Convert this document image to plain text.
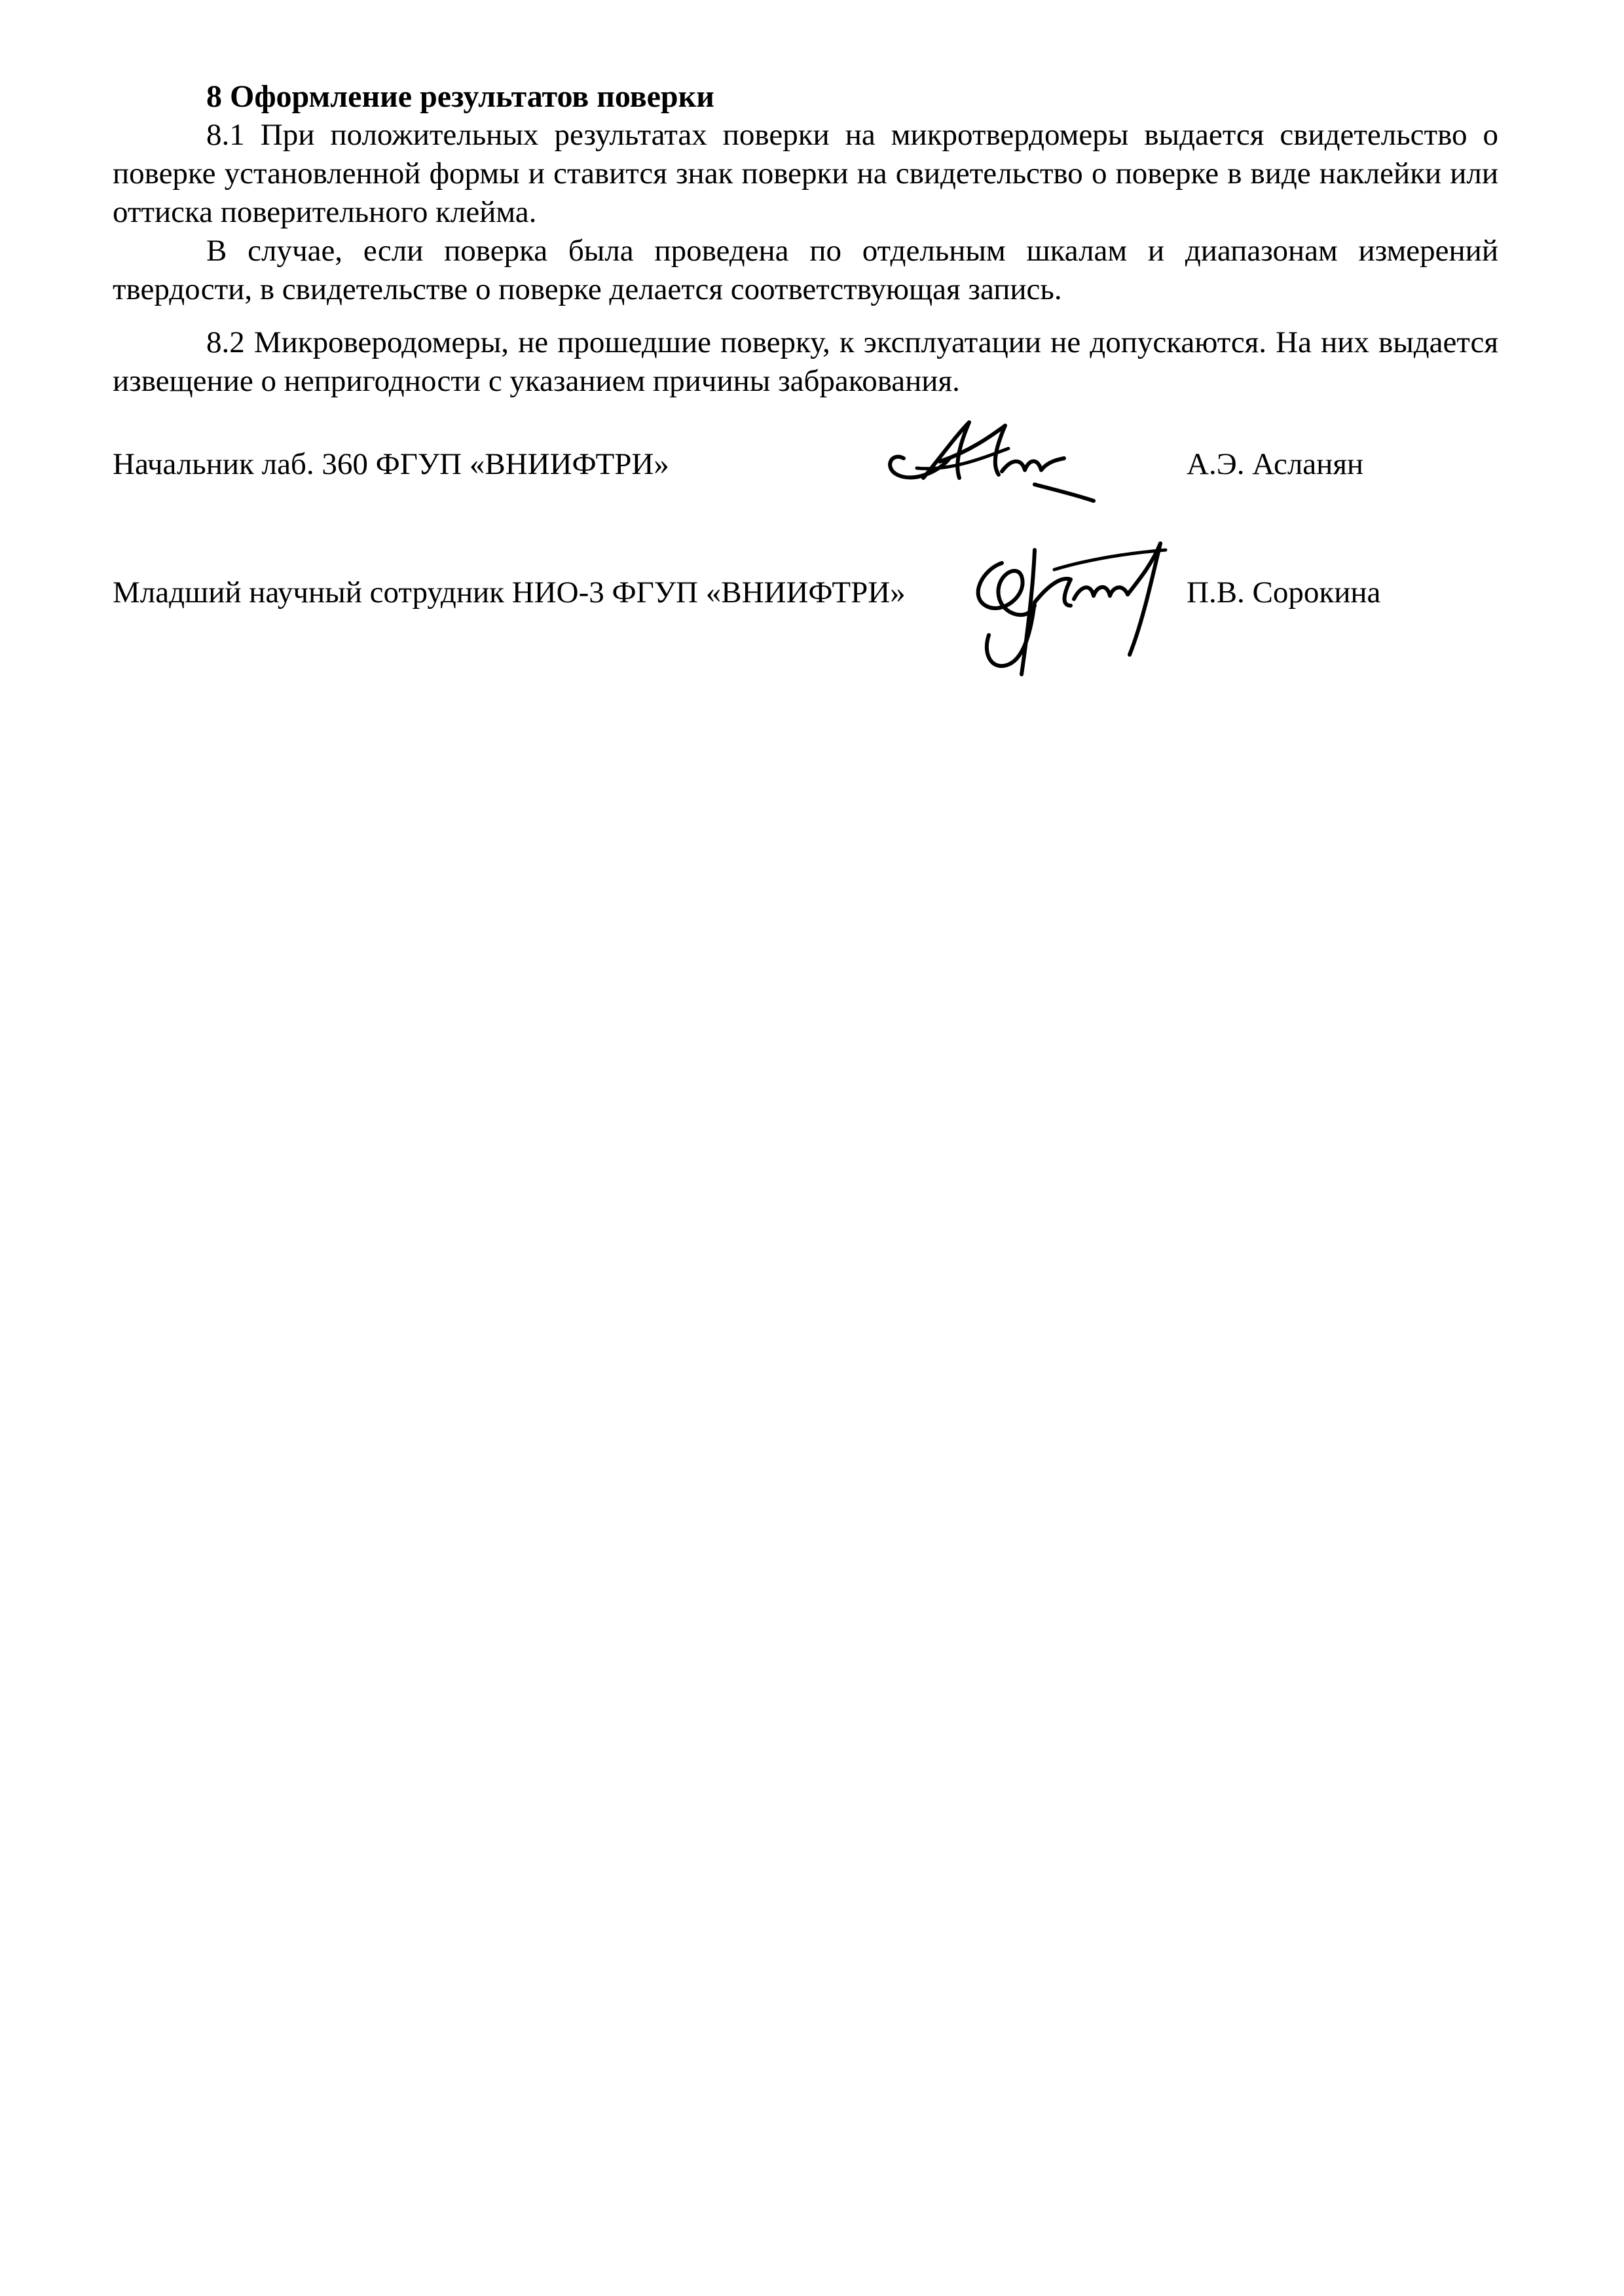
8 Оформление результатов поверки

8.1 При положительных результатах поверки на микротвердомеры выдается свидетельство о поверке установленной формы и ставится знак поверки на свидетельство о поверке в виде наклейки или оттиска поверительного клейма.

В случае, если поверка была проведена по отдельным шкалам и диапазонам измерений твердости, в свидетельстве о поверке делается соответствующая запись.

8.2 Микроверодомеры, не прошедшие поверку, к эксплуатации не допускаются. На них выдается извещение о непригодности с указанием причины забракования.

Начальник лаб. 360 ФГУП «ВНИИФТРИ»	А.Э. Асланян
Младший научный сотрудник НИО-3 ФГУП «ВНИИФТРИ»	П.В. Сорокина
